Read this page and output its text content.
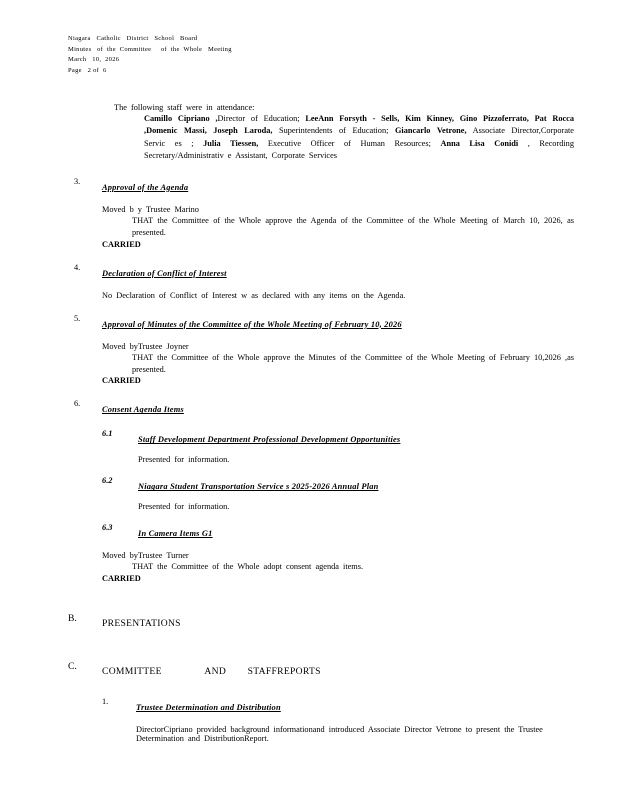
Niagara   Catholic   District   School   Board
Minutes   of  the  Committee     of  the  Whole   Meeting
March   10,  2026
Page   2 of  6
The following staff were in attendance:
Camillo Cipriano ,Director of Education; LeeAnn Forsyth - Sells, Kim Kinney, Gino Pizzoferrato, Pat Rocca ,Domenic Massi, Joseph Laroda, Superintendents of Education; Giancarlo Vetrone, Associate Director,Corporate Servic es ; Julia Tiessen, Executive Officer of Human Resources; Anna Lisa Conidi , Recording Secretary/Administrativ e Assistant, Corporate Services
3.
Approval of the Agenda
Moved b y Trustee Marino
THAT the Committee of the Whole approve the Agenda of the Committee of the Whole Meeting of March 10, 2026, as presented.
CARRIED
4.
Declaration of Conflict of Interest
No Declaration of Conflict of Interest w as declared with any items on the Agenda.
5.
Approval of Minutes of the Committee of the Whole Meeting of February 10, 2026
Moved byTrustee Joyner
THAT the Committee of the Whole approve the Minutes of the Committee of the Whole Meeting of February 10,2026 ,as presented.
CARRIED
6.
Consent Agenda Items
6.1
Staff Development Department Professional Development Opportunities
Presented for information.
6.2
Niagara Student Transportation Service s 2025-2026 Annual Plan
Presented for information.
6.3
In Camera Items G1
Moved byTrustee Turner
THAT the Committee of the Whole adopt consent agenda items.
CARRIED
B.	PRESENTATIONS
C.	COMMITTEE                AND        STAFFREPORTS
1.
Trustee Determination and Distribution
DirectorCipriano provided background informationand introduced Associate Director Vetrone to present the Trustee Determination and DistributionReport.
